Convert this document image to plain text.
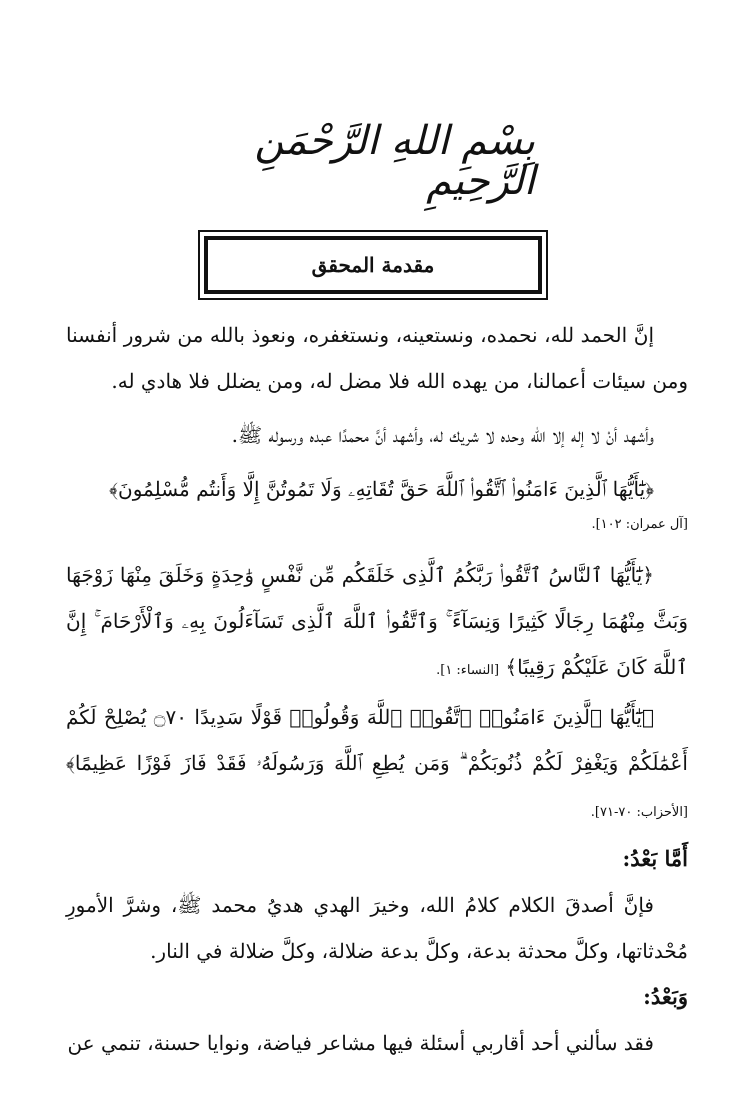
بِسْمِ اللهِ الرَّحْمَنِ الرَّحِيمِ
مقدمة المحقق

إنَّ الحمد لله، نحمده، ونستعينه، ونستغفره، ونعوذ بالله من شرور أنفسنا ومن سيئات أعمالنا، من يهده الله فلا مضل له، ومن يضلل فلا هادي له.

وأشهد أنْ لا إله إلا الله وحده لا شريك له، وأشهد أنَّ محمدًا عبده ورسوله ﷺ.

﴿يَٰٓأَيُّهَا ٱلَّذِينَ ءَامَنُوا۟ ٱتَّقُوا۟ ٱللَّهَ حَقَّ تُقَاتِهِۦ وَلَا تَمُوتُنَّ إِلَّا وَأَنتُم مُّسْلِمُونَ﴾

[آل عمران: ١٠٢].

﴿يَٰٓأَيُّهَا ٱلنَّاسُ ٱتَّقُوا۟ رَبَّكُمُ ٱلَّذِى خَلَقَكُم مِّن نَّفْسٍ وَٰحِدَةٍ وَخَلَقَ مِنْهَا زَوْجَهَا وَبَثَّ مِنْهُمَا رِجَالًا كَثِيرًا وَنِسَآءً ۚ وَٱتَّقُوا۟ ٱللَّهَ ٱلَّذِى تَسَآءَلُونَ بِهِۦ وَٱلْأَرْحَامَ ۚ إِنَّ ٱللَّهَ كَانَ عَلَيْكُمْ رَقِيبًا﴾ [النساء: ١].

﴿يَٰٓأَيُّهَا ٱلَّذِينَ ءَامَنُوا۟ ٱتَّقُوا۟ ٱللَّهَ وَقُولُوا۟ قَوْلًا سَدِيدًا ۝٧٠ يُصْلِحْ لَكُمْ أَعْمَٰلَكُمْ وَيَغْفِرْ لَكُمْ ذُنُوبَكُمْ ۗ وَمَن يُطِعِ ٱللَّهَ وَرَسُولَهُۥ فَقَدْ فَازَ فَوْزًا عَظِيمًا﴾ [الأحزاب: ٧٠-٧١].

أَمَّا بَعْدُ:

فإنَّ أصدقَ الكلام كلامُ الله، وخيرَ الهدي هديُ محمد ﷺ، وشرَّ الأمورِ مُحْدثاتها، وكلَّ محدثة بدعة، وكلَّ بدعة ضلالة، وكلَّ ضلالة في النار.

وَبَعْدُ:

فقد سألني أحد أقاربي أسئلة فيها مشاعر فياضة، ونوايا حسنة، تنمي عن
